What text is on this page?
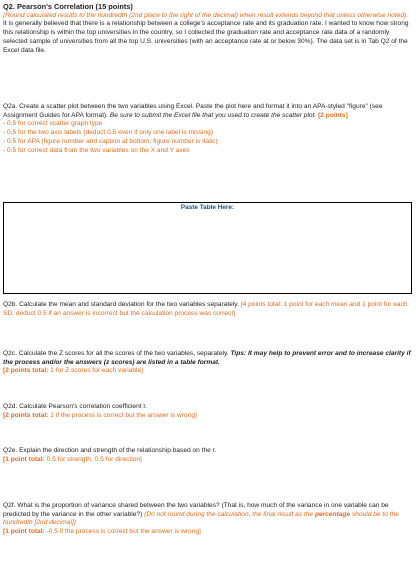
Q2. Pearson's Correlation (15 points)
(Round calculated results to the hundredth (2nd place to the right of the decimal) when result extends beyond that unless otherwise noted).
It is generally believed that there is a relationship between a college's acceptance rate and its graduation rate. I wanted to know how strong this relationship is within the top universities in the country, so I collected the graduation rate and acceptance rate data of a randomly selected sample of universities from all the top U.S. universities (with an acceptance rate at or below 30%). The data set is in Tab Q2 of the Excel data file.
Q2a. Create a scatter plot between the two variables using Excel. Paste the plot here and format it into an APA-styled "figure" (see Assignment Guides for APA format). Be sure to submit the Excel file that you used to create the scatter plot. [2 points]
- 0.5 for correct scatter graph type
- 0.5 for the two axis labels (deduct 0.5 even if only one label is missing)
- 0.5 for APA (figure number and caption at bottom, figure number is italic)
- 0.5 for correct data from the two variables on the X and Y axes
Paste Table Here:
Q2b. Calculate the mean and standard deviation for the two variables separately. [4 points total: 1 point for each mean and 1 point for each SD, deduct 0.5 if an answer is incorrect but the calculation process was correct]
Q2c. Calculate the Z scores for all the scores of the two variables, separately. Tips: It may help to prevent error and to increase clarity if the process and/or the answers (z scores) are listed in a table format.
[2 points total: 1 for Z scores for each variable]
Q2d. Calculate Pearson's correlation coefficient r.
[2 points total: 1 if the process is correct but the answer is wrong]
Q2e. Explain the direction and strength of the relationship based on the r.
[1 point total: 0.5 for strength, 0.5 for direction]
Q2f. What is the proportion of variance shared between the two variables? (That is, how much of the variance in one variable can be predicted by the variance in the other variable?) (Do not round during the calculation, the final result as the percentage should be to the hundredth [2nd decimal])
[1 point total: -0.5 if the process is correct but the answer is wrong]
